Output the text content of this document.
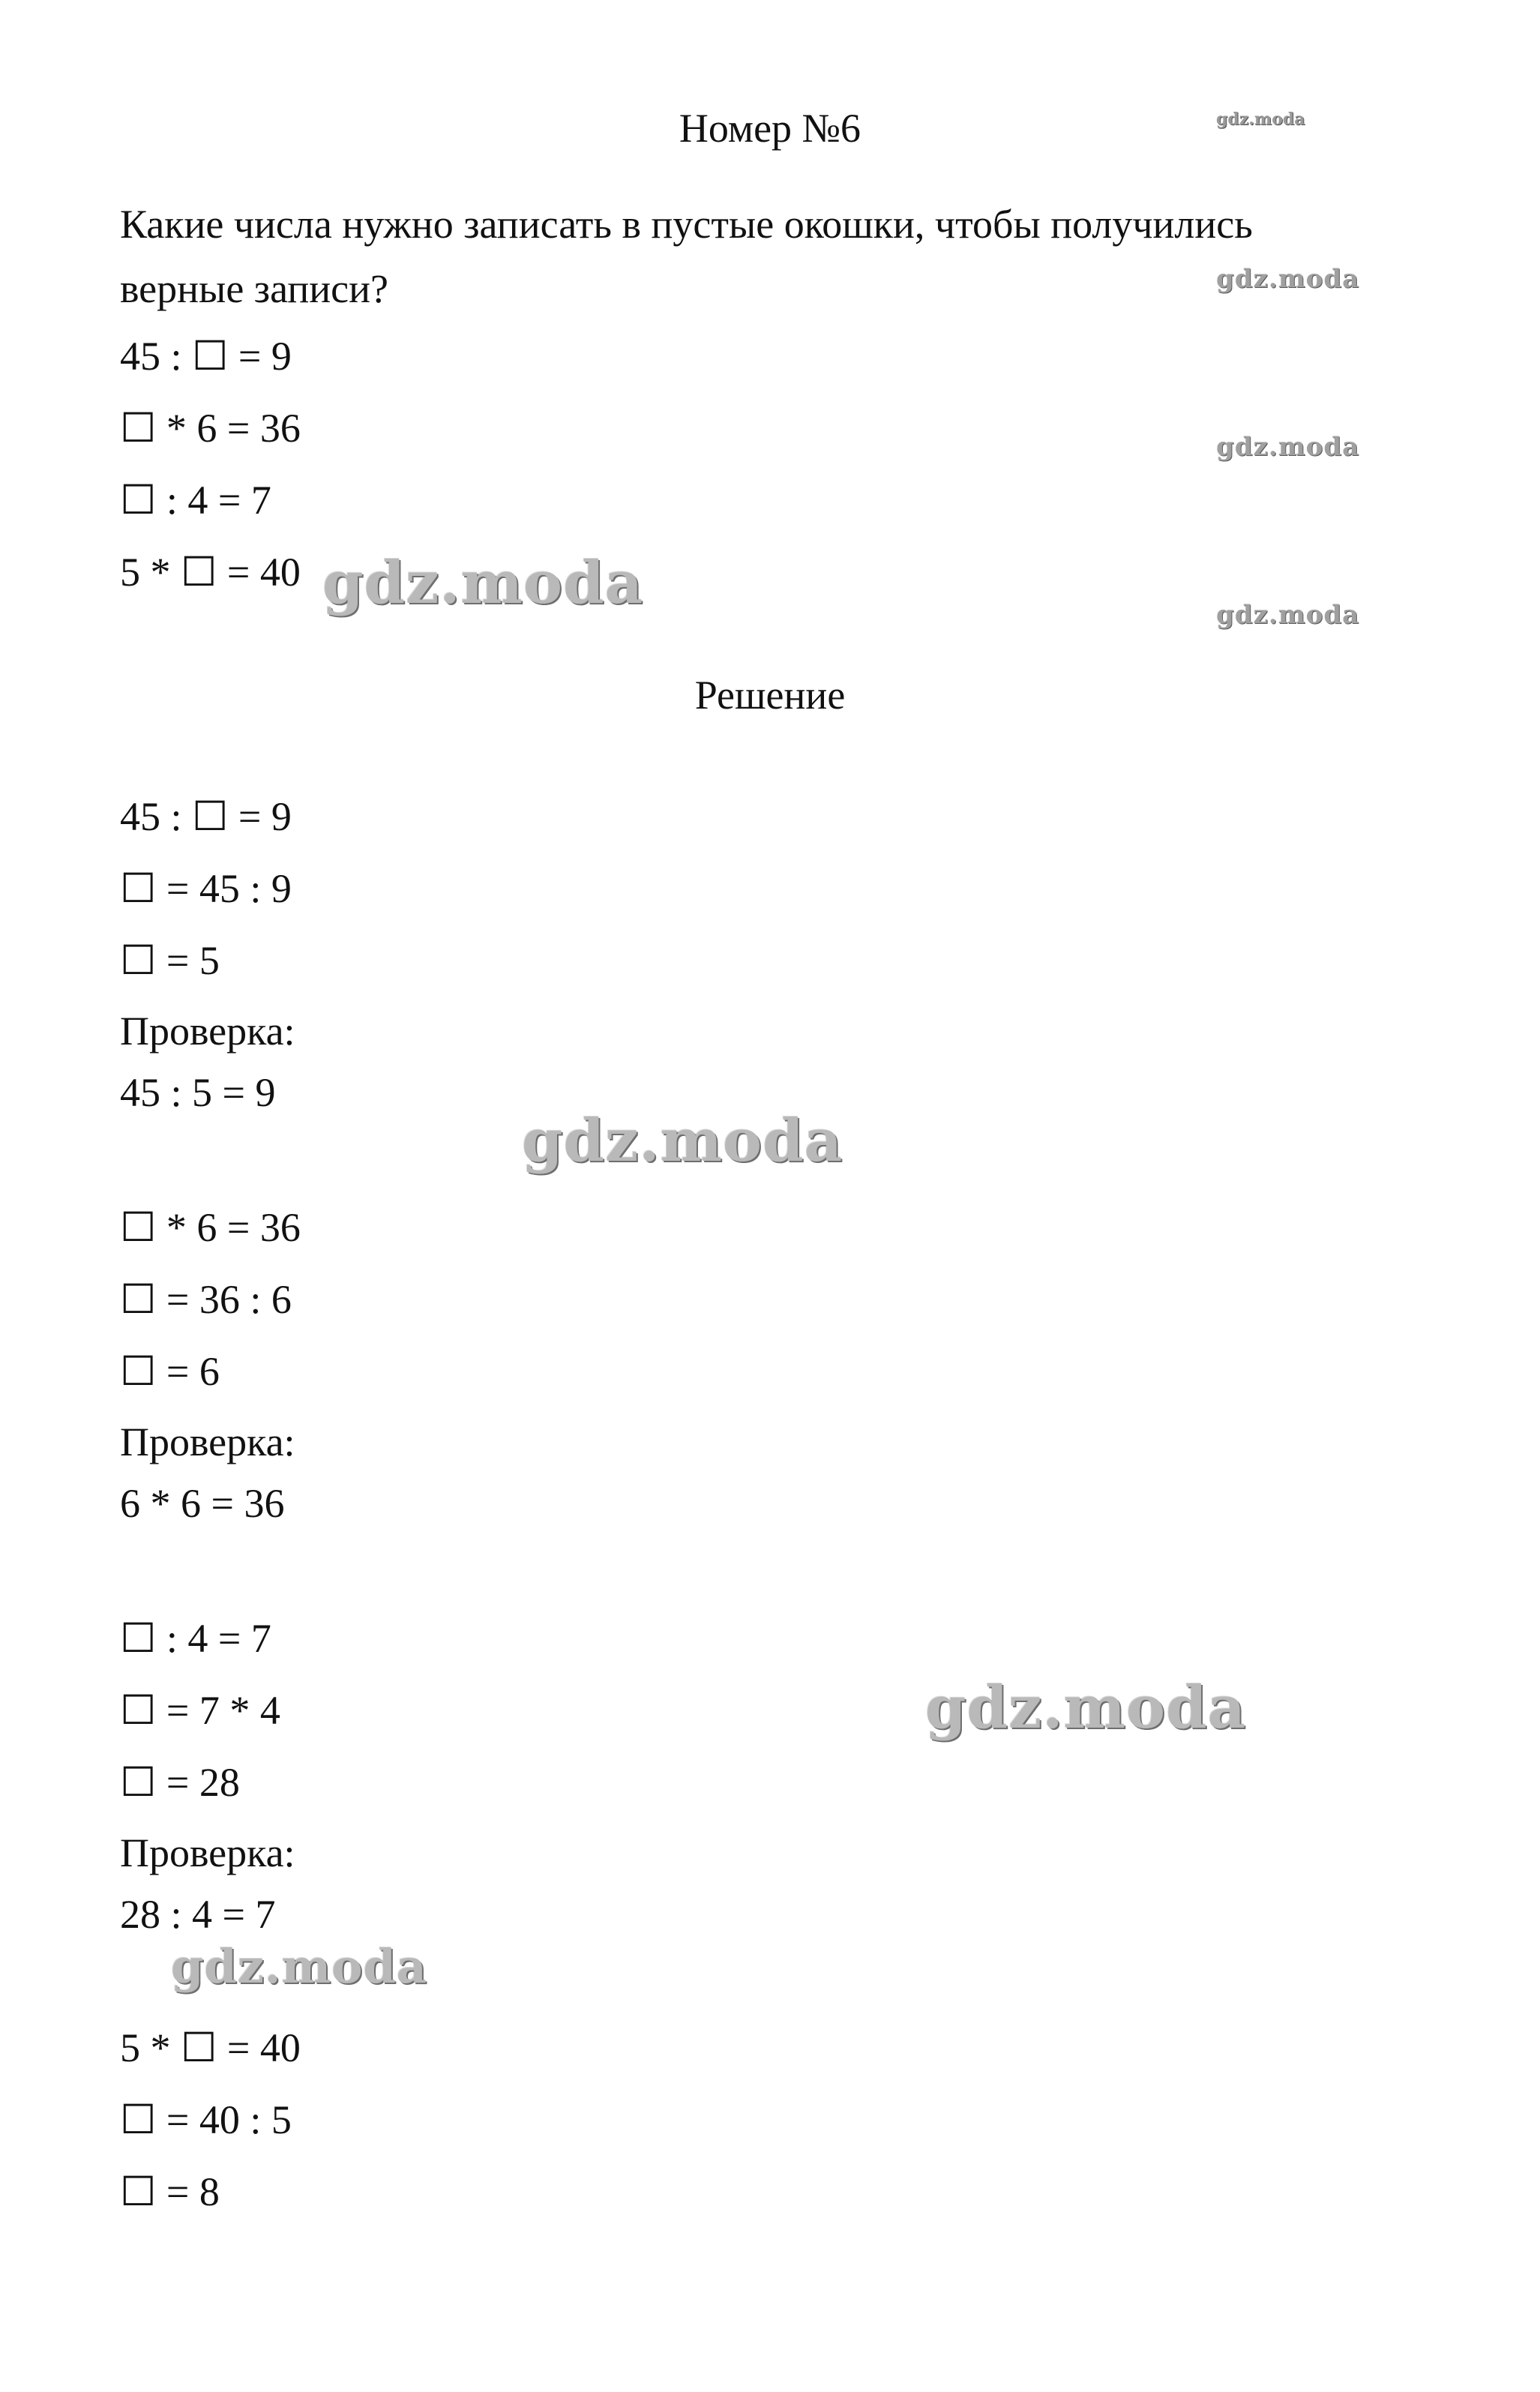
Номер №6
Какие числа нужно записать в пустые окошки, чтобы получились
верные записи?
45 : ☐ = 9
☐ * 6 = 36
☐ : 4 = 7
5 * ☐ = 40
Решение
45 : ☐ = 9
☐ = 45 : 9
☐ = 5
Проверка:
45 : 5 = 9
☐ * 6 = 36
☐ = 36 : 6
☐ = 6
Проверка:
6 * 6 = 36
☐ : 4 = 7
☐ = 7 * 4
☐ = 28
Проверка:
28 : 4 = 7
5 * ☐ = 40
☐ = 40 : 5
☐ = 8
gdz.moda
gdz.moda
gdz.moda
gdz.moda
gdz.moda
gdz.moda
gdz.moda
gdz.moda
